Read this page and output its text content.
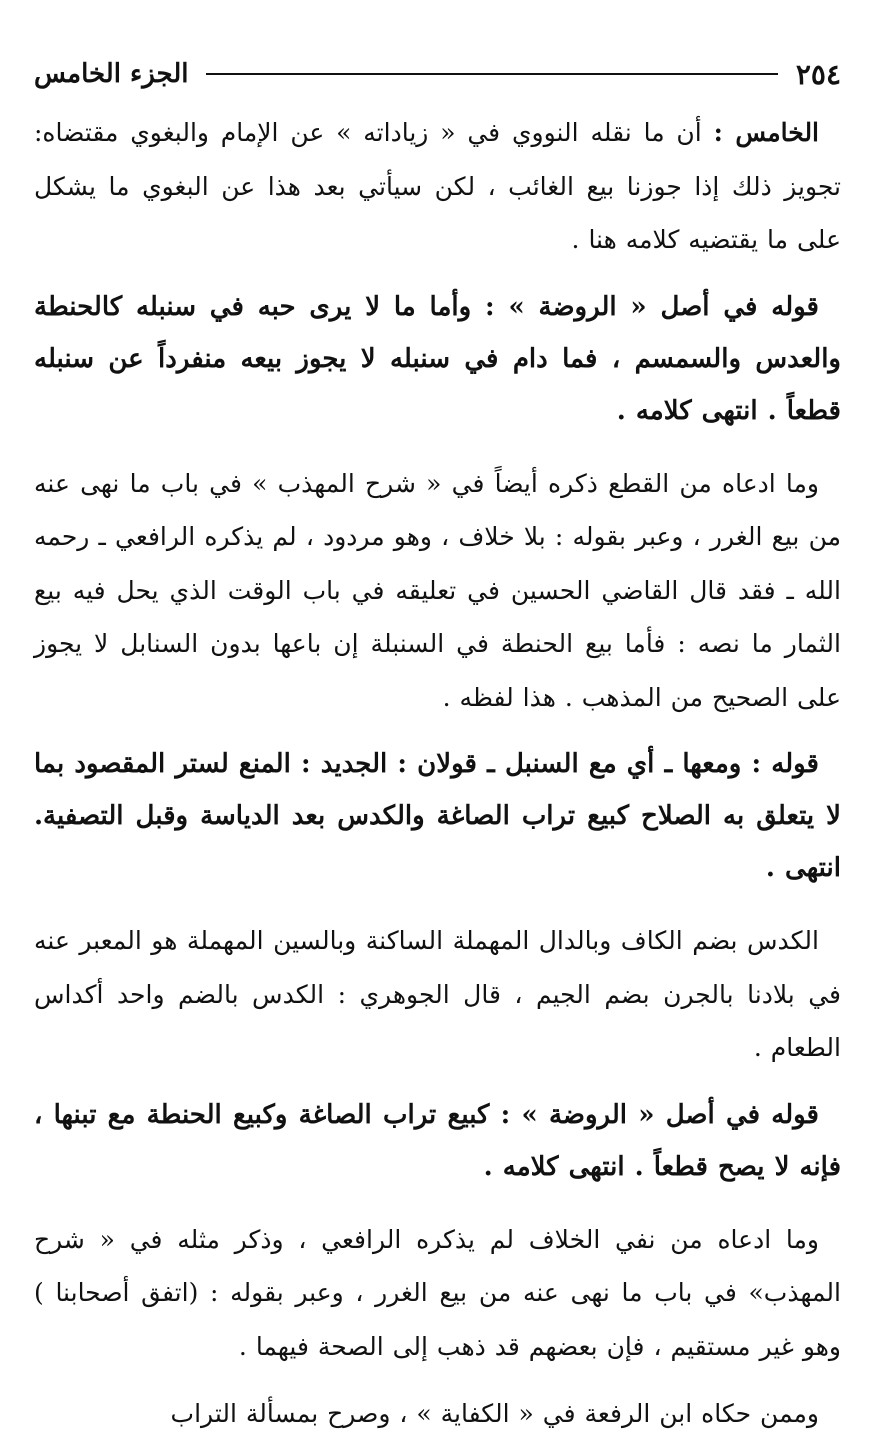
٢٥٤
الجزء الخامس

الخامس : أن ما نقله النووي في « زياداته » عن الإمام والبغوي مقتضاه: تجويز ذلك إذا جوزنا بيع الغائب ، لكن سيأتي بعد هذا عن البغوي ما يشكل على ما يقتضيه كلامه هنا .

قوله في أصل « الروضة » : وأما ما لا يرى حبه في سنبله كالحنطة والعدس والسمسم ، فما دام في سنبله لا يجوز بيعه منفرداً عن سنبله قطعاً . انتهى كلامه .

وما ادعاه من القطع ذكره أيضاً في « شرح المهذب » في باب ما نهى عنه من بيع الغرر ، وعبر بقوله : بلا خلاف ، وهو مردود ، لم يذكره الرافعي ـ رحمه الله ـ فقد قال القاضي الحسين في تعليقه في باب الوقت الذي يحل فيه بيع الثمار ما نصه : فأما بيع الحنطة في السنبلة إن باعها بدون السنابل لا يجوز على الصحيح من المذهب . هذا لفظه .

قوله : ومعها ـ أي مع السنبل ـ قولان : الجديد : المنع لستر المقصود بما لا يتعلق به الصلاح كبيع تراب الصاغة والكدس بعد الدياسة وقبل التصفية. انتهى .

الكدس بضم الكاف وبالدال المهملة الساكنة وبالسين المهملة هو المعبر عنه في بلادنا بالجرن بضم الجيم ، قال الجوهري : الكدس بالضم واحد أكداس الطعام .

قوله في أصل « الروضة » : كبيع تراب الصاغة وكبيع الحنطة مع تبنها ، فإنه لا يصح قطعاً . انتهى كلامه .

وما ادعاه من نفي الخلاف لم يذكره الرافعي ، وذكر مثله في « شرح المهذب» في باب ما نهى عنه من بيع الغرر ، وعبر بقوله : (اتفق أصحابنا ) وهو غير مستقيم ، فإن بعضهم قد ذهب إلى الصحة فيهما .

وممن حكاه ابن الرفعة في « الكفاية » ، وصرح بمسألة التراب
